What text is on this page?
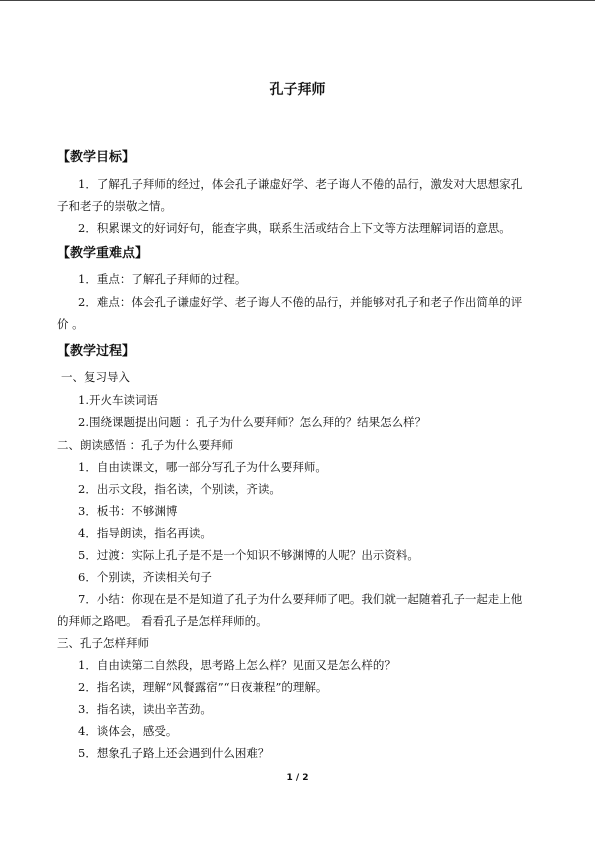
孔子拜师
【教学目标】
1．了解孔子拜师的经过，体会孔子谦虚好学、老子诲人不倦的品行，激发对大思想家孔
子和老子的崇敬之情。
2．积累课文的好词好句，能查字典，联系生活或结合上下文等方法理解词语的意思。
【教学重难点】
1．重点：了解孔子拜师的过程。
2．难点：体会孔子谦虚好学、老子诲人不倦的品行，并能够对孔子和老子作出简单的评
价 。
【教学过程】
一、复习导入
1.开火车读词语
2.围绕课题提出问题 ：孔子为什么要拜师？怎么拜的？结果怎么样？
二、朗读感悟 ：孔子为什么要拜师
1．自由读课文，哪一部分写孔子为什么要拜师。
2．出示文段，指名读，个别读，齐读。
3．板书：不够渊博
4．指导朗读，指名再读。
5．过渡：实际上孔子是不是一个知识不够渊博的人呢？出示资料。
6．个别读，齐读相关句子
7．小结：你现在是不是知道了孔子为什么要拜师了吧。我们就一起随着孔子一起走上他
的拜师之路吧。 看看孔子是怎样拜师的。
三、孔子怎样拜师
1．自由读第二自然段，思考路上怎么样？见面又是怎么样的？
2．指名读，理解“风餐露宿”“日夜兼程”的理解。
3．指名读，读出辛苦劲。
4．谈体会，感受。
5．想象孔子路上还会遇到什么困难？
1 / 2
